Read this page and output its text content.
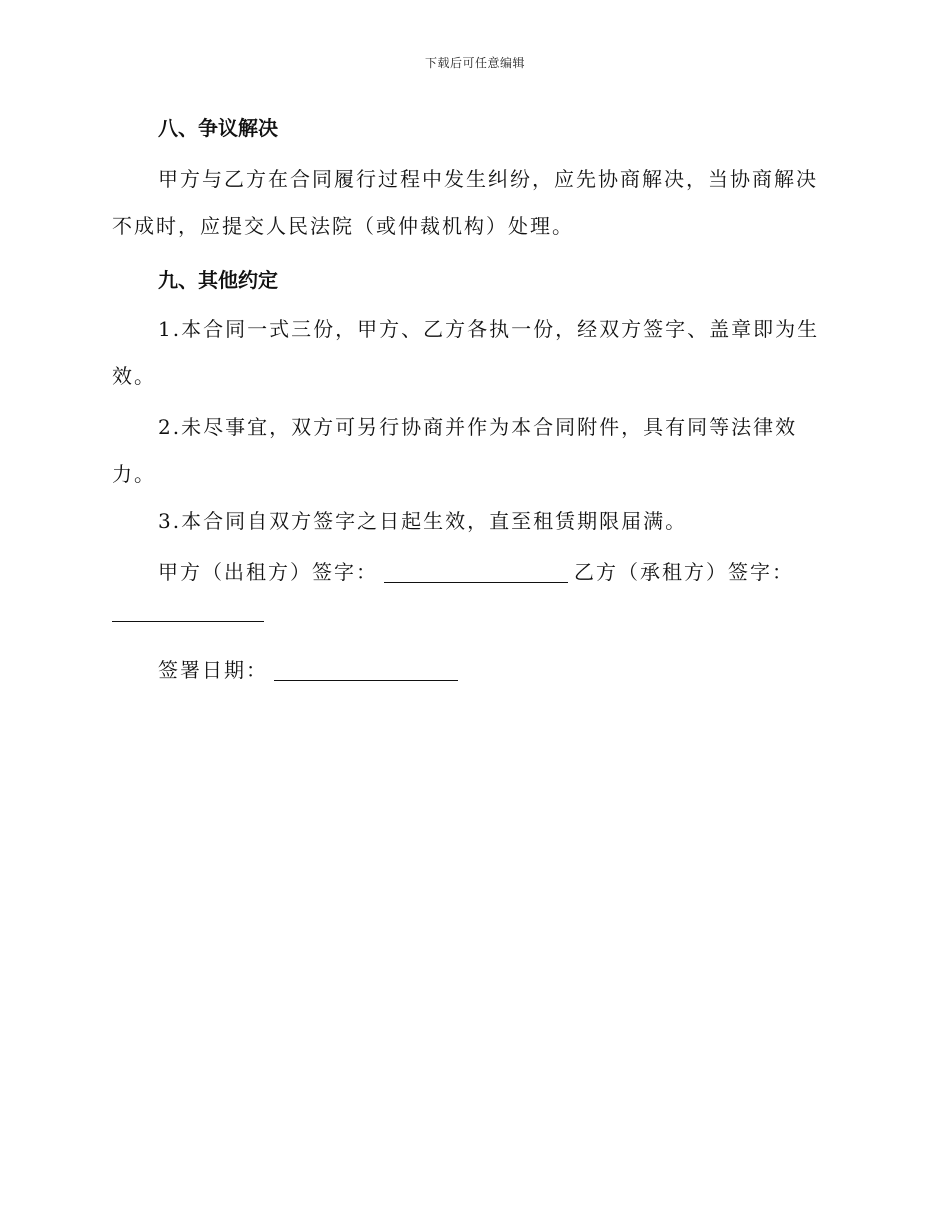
下载后可任意编辑
八、争议解决

甲方与乙方在合同履行过程中发生纠纷，应先协商解决，当协商解决不成时，应提交人民法院（或仲裁机构）处理。

九、其他约定

1.本合同一式三份，甲方、乙方各执一份，经双方签字、盖章即为生效。

2.未尽事宜，双方可另行协商并作为本合同附件，具有同等法律效力。

3.本合同自双方签字之日起生效，直至租赁期限届满。

甲方（出租方）签字：	乙方（承租方）签字：
签署日期：
